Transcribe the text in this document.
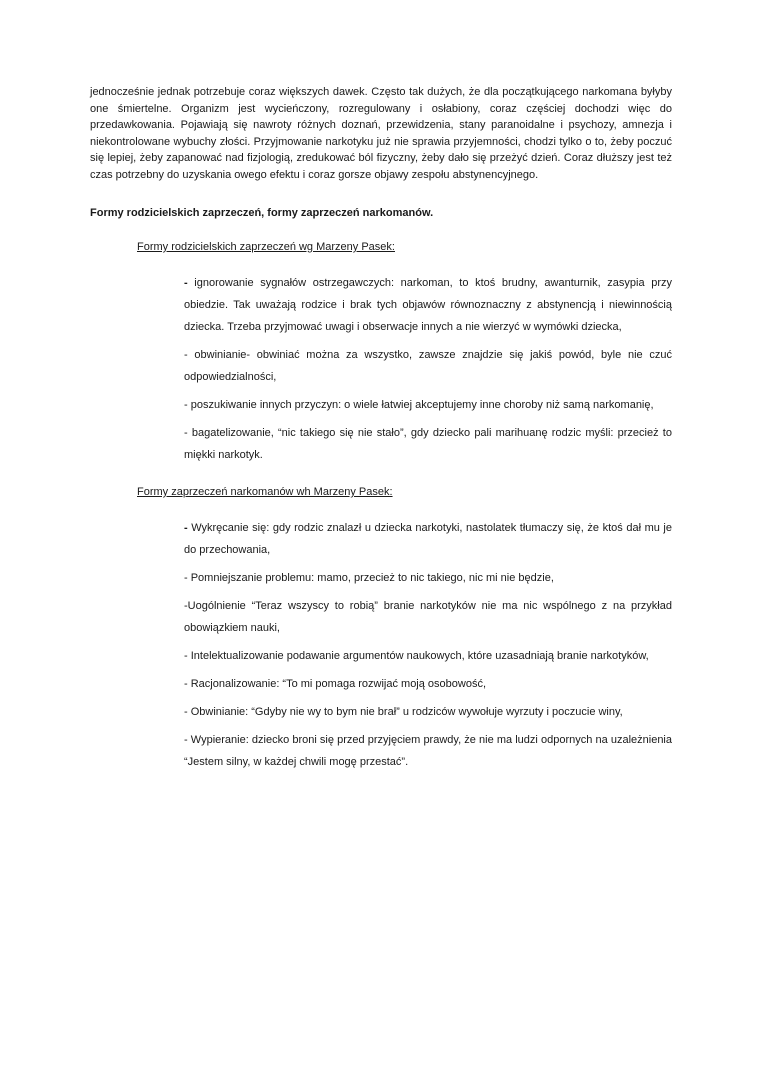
jednocześnie jednak potrzebuje coraz większych dawek. Często tak dużych, że dla początkującego narkomana byłyby one śmiertelne. Organizm jest wycieńczony, rozregulowany i osłabiony, coraz częściej dochodzi więc do przedawkowania. Pojawiają się nawroty różnych doznań, przewidzenia, stany paranoidalne i psychozy, amnezja i niekontrolowane wybuchy złości. Przyjmowanie narkotyku już nie sprawia przyjemności, chodzi tylko o to, żeby poczuć się lepiej, żeby zapanować nad fizjologią, zredukować ból fizyczny, żeby dało się przeżyć dzień. Coraz dłuższy jest też czas potrzebny do uzyskania owego efektu i coraz gorsze objawy zespołu abstynencyjnego.

Formy rodzicielskich zaprzeczeń, formy zaprzeczeń narkomanów.

Formy rodzicielskich zaprzeczeń wg Marzeny Pasek:

- ignorowanie sygnałów ostrzegawczych: narkoman, to ktoś brudny, awanturnik, zasypia przy obiedzie. Tak uważają rodzice i brak tych objawów równoznaczny z abstynencją i niewinnością dziecka. Trzeba przyjmować uwagi i obserwacje innych a nie wierzyć w wymówki dziecka,

- obwinianie- obwiniać można za wszystko, zawsze znajdzie się jakiś powód, byle nie czuć odpowiedzialności,

- poszukiwanie innych przyczyn: o wiele łatwiej akceptujemy inne choroby niż samą narkomanię,

- bagatelizowanie, “nic takiego się nie stało”, gdy dziecko pali marihuanę rodzic myśli: przecież to miękki narkotyk.

Formy zaprzeczeń narkomanów wh Marzeny Pasek:

- Wykręcanie się: gdy rodzic znalazł u dziecka narkotyki, nastolatek tłumaczy się, że ktoś dał mu je do przechowania,

- Pomniejszanie problemu: mamo, przecież to nic takiego, nic mi nie będzie,

-Uogólnienie “Teraz wszyscy to robią” branie narkotyków nie ma nic wspólnego z na przykład obowiązkiem nauki,

- Intelektualizowanie podawanie argumentów naukowych, które uzasadniają branie narkotyków,

- Racjonalizowanie: “To mi pomaga rozwijać moją osobowość,

- Obwinianie: “Gdyby nie wy to bym nie brał” u rodziców wywołuje wyrzuty i poczucie winy,

- Wypieranie: dziecko broni się przed przyjęciem prawdy, że nie ma ludzi odpornych na uzależnienia “Jestem silny, w każdej chwili mogę przestać”.
